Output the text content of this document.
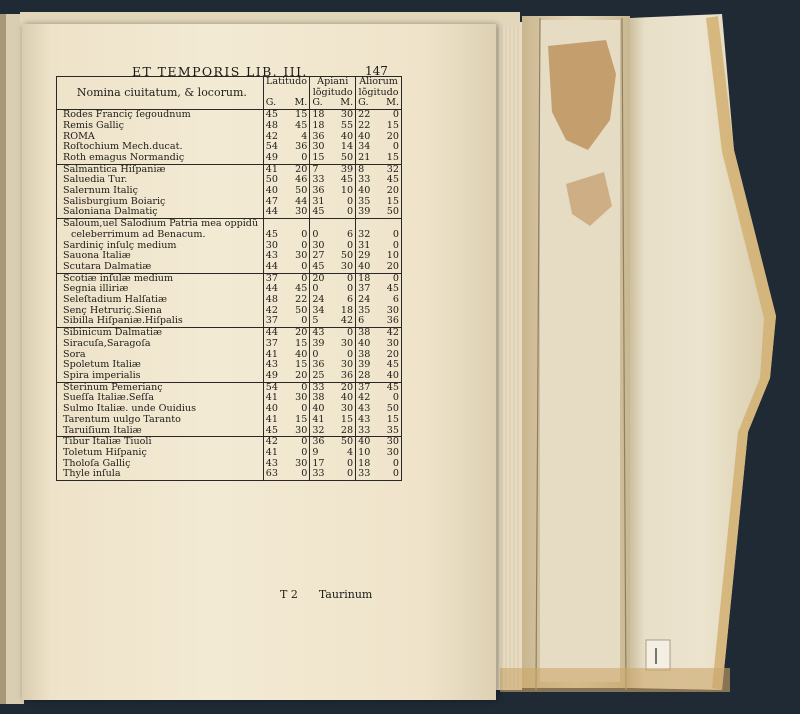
ET TEMPORIS LIB. III.	147
Nomina ciuitatum, & locorum.	Latitudo		Apiani
lõgitudo		Aliorum
lõgitudo	
	G.	M.	G.	M.	G.	M.
Rodes Franciç ſegoudnum	45	15	18	30	22	0
Remis Galliç	48	45	18	55	22	15
ROMA	42	4	36	40	40	20
Roſtochium Mech.ducat.	54	36	30	14	34	0
Roth emagus Normandiç	49	0	15	50	21	15
Salmantica Hiſpaniæ	41	20	7	39	8	32
Saluedia Tur.	50	46	33	45	33	45
Salernum Italiç	40	50	36	10	40	20
Salisburgium Boiariç	47	44	31	0	35	15
Saloniana Dalmatiç	44	30	45	0	39	50
Saloum,uel Salodium Patria mea oppidũ						
celeberrimum ad Benacum.	45	0	0	6	32	0
Sardiniç inſulç medium	30	0	30	0	31	0
Sauona Italiæ	43	30	27	50	29	10
Scutara Dalmatiæ	44	0	45	30	40	20
Scotiæ inſulæ medium	37	0	20	0	18	0
Segnia illiriæ	44	45	0	0	37	45
Seleſtadium Halſatiæ	48	22	24	6	24	6
Senç Hetruriç.Siena	42	50	34	18	35	30
Sibilla Hiſpaniæ.Hiſpalis	37	0	5	42	6	36
Sibinicum Dalmatiæ	44	20	43	0	38	42
Siracuſa,Saragoſa	37	15	39	30	40	30
Sora	41	40	0	0	38	20
Spoletum Italiæ	43	15	36	30	39	45
Spira imperialis	49	20	25	36	28	40
Sterinum Pemerianç	54	0	33	20	37	45
Sueſſa Italiæ.Seſſa	41	30	38	40	42	0
Sulmo Italiæ. unde Ouidius	40	0	40	30	43	50
Tarentum uulgo Taranto	41	15	41	15	43	15
Taruiſium Italiæ	45	30	32	28	33	35
Tibur Italiæ Tiuoli	42	0	36	50	40	30
Toletum Hiſpaniç	41	0	9	4	10	30
Tholoſa Galliç	43	30	17	0	18	0
Thyle inſula	63	0	33	0	33	0
T 2 Taurinum
